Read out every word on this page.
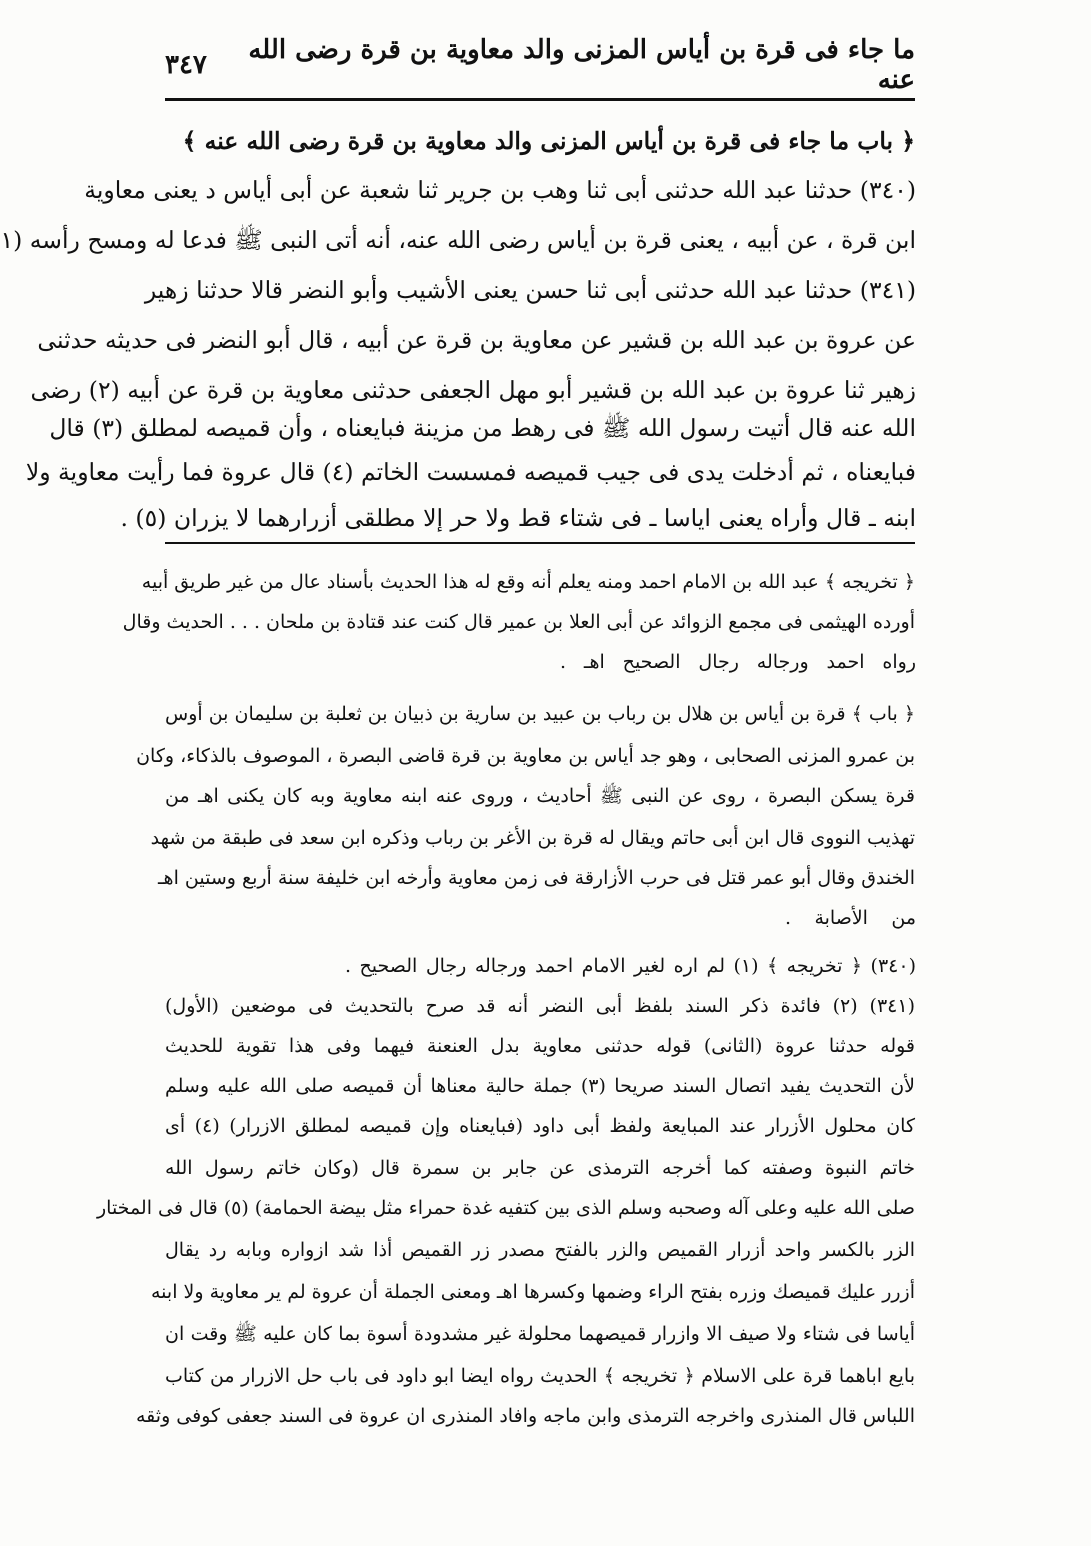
ما جاء فى قرة بن أياس المزنى والد معاوية بن قرة رضى الله عنه
٣٤٧
﴿ باب ما جاء فى قرة بن أياس المزنى والد معاوية بن قرة رضى الله عنه ﴾
(٣٤٠) حدثنا عبد الله حدثنى أبى ثنا وهب بن جرير ثنا شعبة عن أبى أياس د يعنى معاوية
ابن قرة ، عن أبيه ، يعنى قرة بن أياس رضى الله عنه، أنه أتى النبى ﷺ فدعا له ومسح رأسه (١
(٣٤١) حدثنا عبد الله حدثنى أبى ثنا حسن يعنى الأشيب وأبو النضر قالا حدثنا زهير
عن عروة بن عبد الله بن قشير عن معاوية بن قرة عن أبيه ، قال أبو النضر فى حديثه حدثنى
زهير ثنا عروة بن عبد الله بن قشير أبو مهل الجعفى حدثنى معاوية بن قرة عن أبيه (٢) رضى
الله عنه قال أتيت رسول الله ﷺ فى رهط من مزينة فبايعناه ، وأن قميصه لمطلق (٣) قال
فبايعناه ، ثم أدخلت يدى فى جيب قميصه فمسست الخاتم (٤) قال عروة فما رأيت معاوية ولا
ابنه ـ قال وأراه يعنى اياسا ـ فى شتاء قط ولا حر إلا مطلقى أزرارهما لا يزران (٥) .
﴿ تخريجه ﴾ عبد الله بن الامام احمد ومنه يعلم أنه وقع له هذا الحديث بأسناد عال من غير طريق أبيه
أورده الهيثمى فى مجمع الزوائد عن أبى العلا بن عمير قال كنت عند قتادة بن ملحان . . . الحديث وقال
رواه احمد ورجاله رجال الصحيح اهـ .
﴿ باب ﴾ قرة بن أياس بن هلال بن رباب بن عبيد بن سارية بن ذبيان بن ثعلبة بن سليمان بن أوس
بن عمرو المزنى الصحابى ، وهو جد أياس بن معاوية بن قرة قاضى البصرة ، الموصوف بالذكاء، وكان
قرة يسكن البصرة ، روى عن النبى ﷺ أحاديث ، وروى عنه ابنه معاوية وبه كان يكنى اهـ من
تهذيب النووى قال ابن أبى حاتم ويقال له قرة بن الأغر بن رباب وذكره ابن سعد فى طبقة من شهد
الخندق وقال أبو عمر قتل فى حرب الأزارقة فى زمن معاوية وأرخه ابن خليفة سنة أربع وستين اهـ
من الأصابة .
(٣٤٠) ﴿ تخريجه ﴾ (١) لم اره لغير الامام احمد ورجاله رجال الصحيح .
(٣٤١) (٢) فائدة ذكر السند بلفظ أبى النضر أنه قد صرح بالتحديث فى موضعين (الأول)
قوله حدثنا عروة (الثانى) قوله حدثنى معاوية بدل العنعنة فيهما وفى هذا تقوية للحديث
لأن التحديث يفيد اتصال السند صريحا (٣) جملة حالية معناها أن قميصه صلى الله عليه وسلم
كان محلول الأزرار عند المبايعة ولفظ أبى داود (فبايعناه وإن قميصه لمطلق الازرار) (٤) أى
خاتم النبوة وصفته كما أخرجه الترمذى عن جابر بن سمرة قال (وكان خاتم رسول الله
صلى الله عليه وعلى آله وصحبه وسلم الذى بين كتفيه غدة حمراء مثل بيضة الحمامة) (٥) قال فى المختار
الزر بالكسر واحد أزرار القميص والزر بالفتح مصدر زر القميص أذا شد ازواره وبابه رد يقال
أزرر عليك قميصك وزره بفتح الراء وضمها وكسرها اهـ ومعنى الجملة أن عروة لم ير معاوية ولا ابنه
أياسا فى شتاء ولا صيف الا وازرار قميصهما محلولة غير مشدودة أسوة بما كان عليه ﷺ وقت ان
بايع اباهما قرة على الاسلام ﴿ تخريجه ﴾ الحديث رواه ايضا ابو داود فى باب حل الازرار من كتاب
اللباس قال المنذرى واخرجه الترمذى وابن ماجه وافاد المنذرى ان عروة فى السند جعفى كوفى وثقه
